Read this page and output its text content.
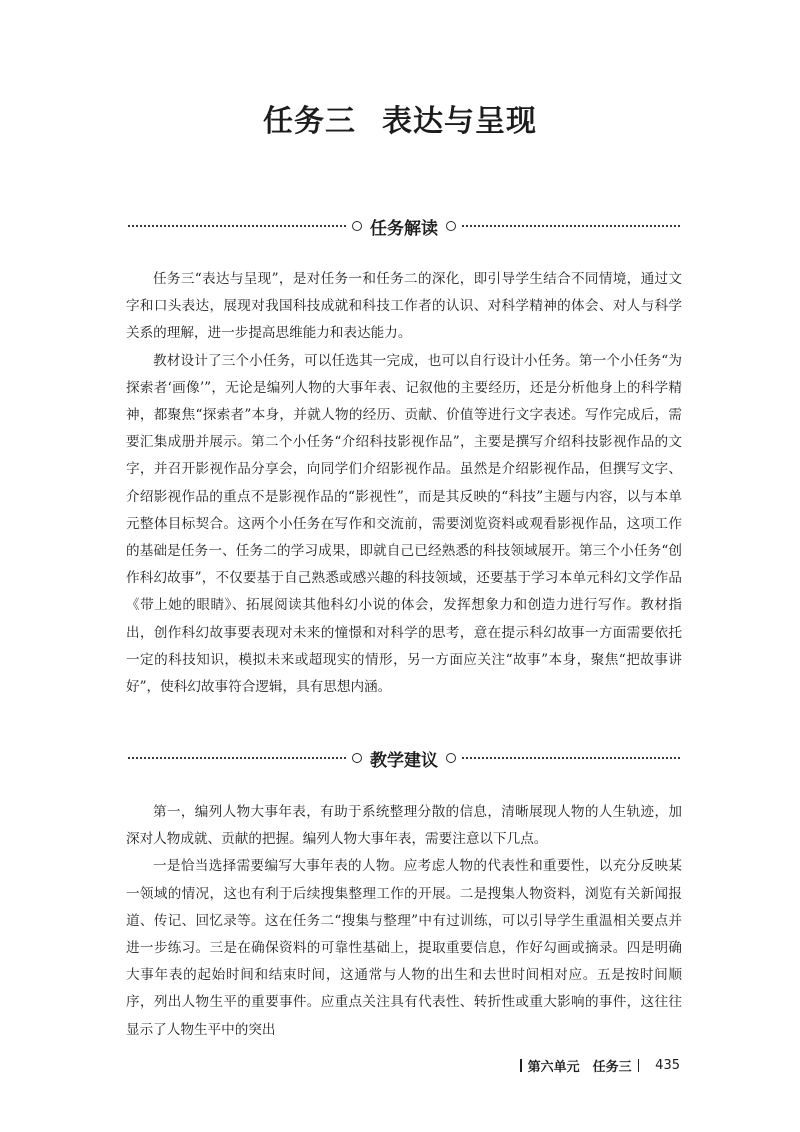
任务三 表达与呈现
任务解读

任务三“表达与呈现”，是对任务一和任务二的深化，即引导学生结合不同情境，通过文字和口头表达，展现对我国科技成就和科技工作者的认识、对科学精神的体会、对人与科学关系的理解，进一步提高思维能力和表达能力。

教材设计了三个小任务，可以任选其一完成，也可以自行设计小任务。第一个小任务“为探索者‘画像’”，无论是编列人物的大事年表、记叙他的主要经历，还是分析他身上的科学精神，都聚焦“探索者”本身，并就人物的经历、贡献、价值等进行文字表述。写作完成后，需要汇集成册并展示。第二个小任务“介绍科技影视作品”，主要是撰写介绍科技影视作品的文字，并召开影视作品分享会，向同学们介绍影视作品。虽然是介绍影视作品，但撰写文字、介绍影视作品的重点不是影视作品的“影视性”，而是其反映的“科技”主题与内容，以与本单元整体目标契合。这两个小任务在写作和交流前，需要浏览资料或观看影视作品，这项工作的基础是任务一、任务二的学习成果，即就自己已经熟悉的科技领域展开。第三个小任务“创作科幻故事”，不仅要基于自己熟悉或感兴趣的科技领域，还要基于学习本单元科幻文学作品《带上她的眼睛》、拓展阅读其他科幻小说的体会，发挥想象力和创造力进行写作。教材指出，创作科幻故事要表现对未来的憧憬和对科学的思考，意在提示科幻故事一方面需要依托一定的科技知识，模拟未来或超现实的情形，另一方面应关注“故事”本身，聚焦“把故事讲好”，使科幻故事符合逻辑，具有思想内涵。

教学建议

第一，编列人物大事年表，有助于系统整理分散的信息，清晰展现人物的人生轨迹，加深对人物成就、贡献的把握。编列人物大事年表，需要注意以下几点。

一是恰当选择需要编写大事年表的人物。应考虑人物的代表性和重要性，以充分反映某一领域的情况，这也有利于后续搜集整理工作的开展。二是搜集人物资料，浏览有关新闻报道、传记、回忆录等。这在任务二“搜集与整理”中有过训练，可以引导学生重温相关要点并进一步练习。三是在确保资料的可靠性基础上，提取重要信息，作好勾画或摘录。四是明确大事年表的起始时间和结束时间，这通常与人物的出生和去世时间相对应。五是按时间顺序，列出人物生平的重要事件。应重点关注具有代表性、转折性或重大影响的事件，这往往显示了人物生平中的突出

第六单元　任务三 435
